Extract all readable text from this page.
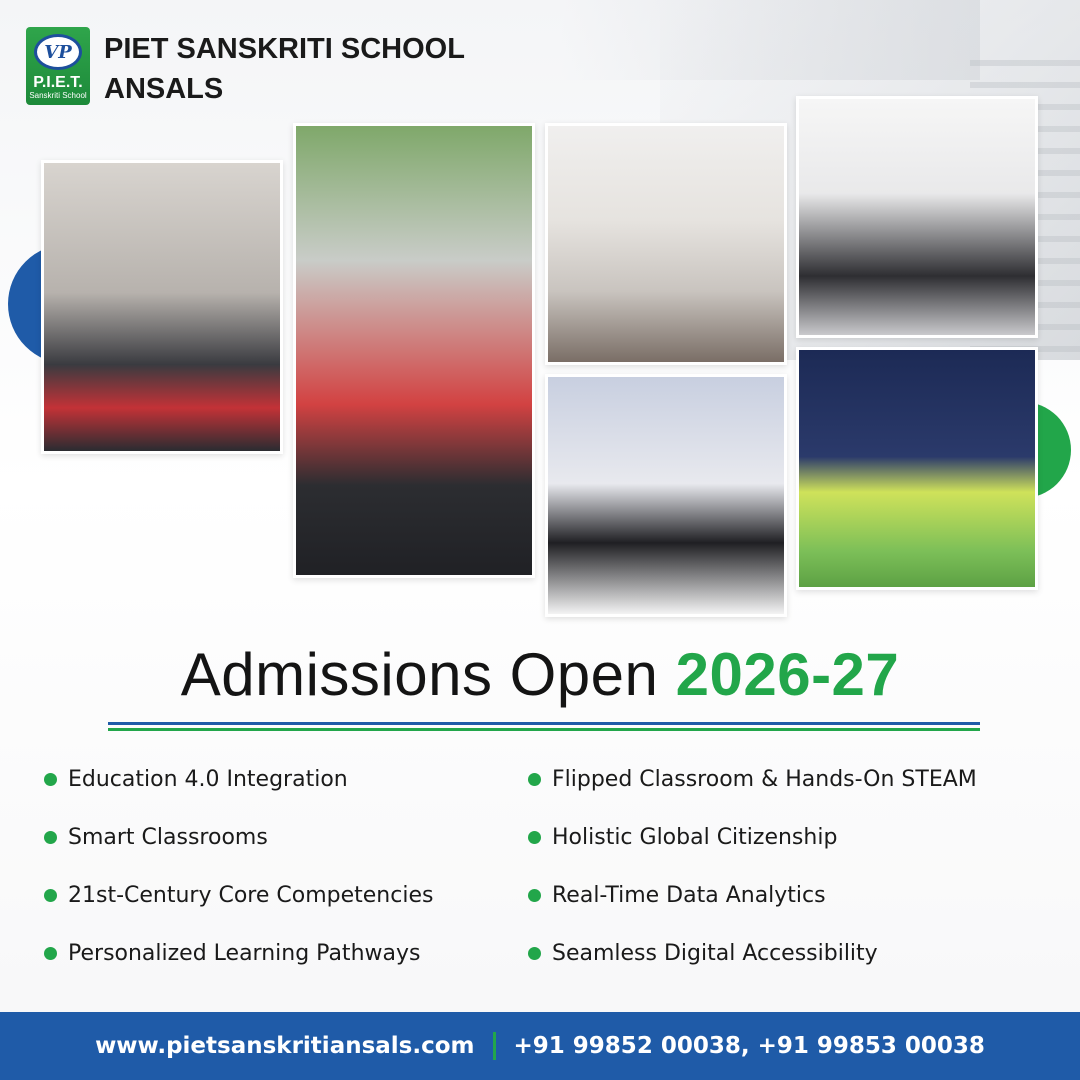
VP
P.I.E.T.
Sanskriti School
PIET SANSKRITI SCHOOL
ANSALS
Admissions Open 2026-27
Education 4.0 Integration	Flipped Classroom & Hands-On STEAM
Smart Classrooms	Holistic Global Citizenship
21st-Century Core Competencies	Real-Time Data Analytics
Personalized Learning Pathways	Seamless Digital Accessibility
www.pietsanskritiansals.com +91 99852 00038, +91 99853 00038
